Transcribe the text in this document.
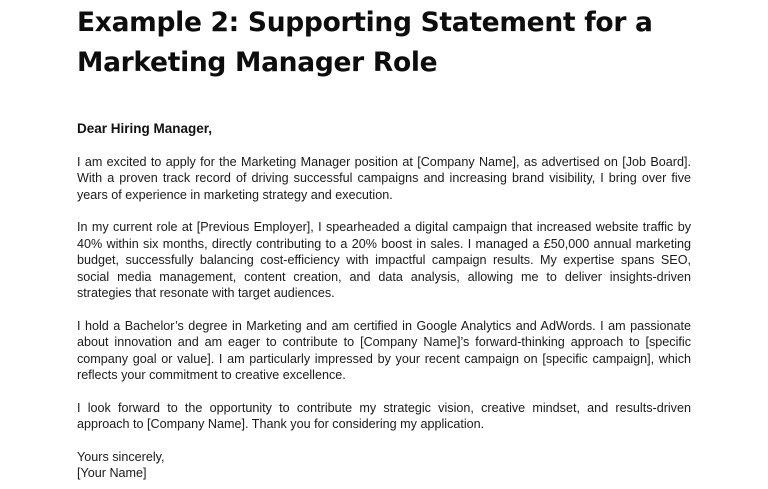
Example 2: Supporting Statement for a Marketing Manager Role

Dear Hiring Manager,

I am excited to apply for the Marketing Manager position at [Company Name], as advertised on [Job Board]. With a proven track record of driving successful campaigns and increasing brand visibility, I bring over five years of experience in marketing strategy and execution.

In my current role at [Previous Employer], I spearheaded a digital campaign that increased website traffic by 40% within six months, directly contributing to a 20% boost in sales. I managed a £50,000 annual marketing budget, successfully balancing cost-efficiency with impactful campaign results. My expertise spans SEO, social media management, content creation, and data analysis, allowing me to deliver insights-driven strategies that resonate with target audiences.

I hold a Bachelor’s degree in Marketing and am certified in Google Analytics and AdWords. I am passionate about innovation and am eager to contribute to [Company Name]’s forward-thinking approach to [specific company goal or value]. I am particularly impressed by your recent campaign on [specific campaign], which reflects your commitment to creative excellence.

I look forward to the opportunity to contribute my strategic vision, creative mindset, and results-driven approach to [Company Name]. Thank you for considering my application.

Yours sincerely,
[Your Name]
